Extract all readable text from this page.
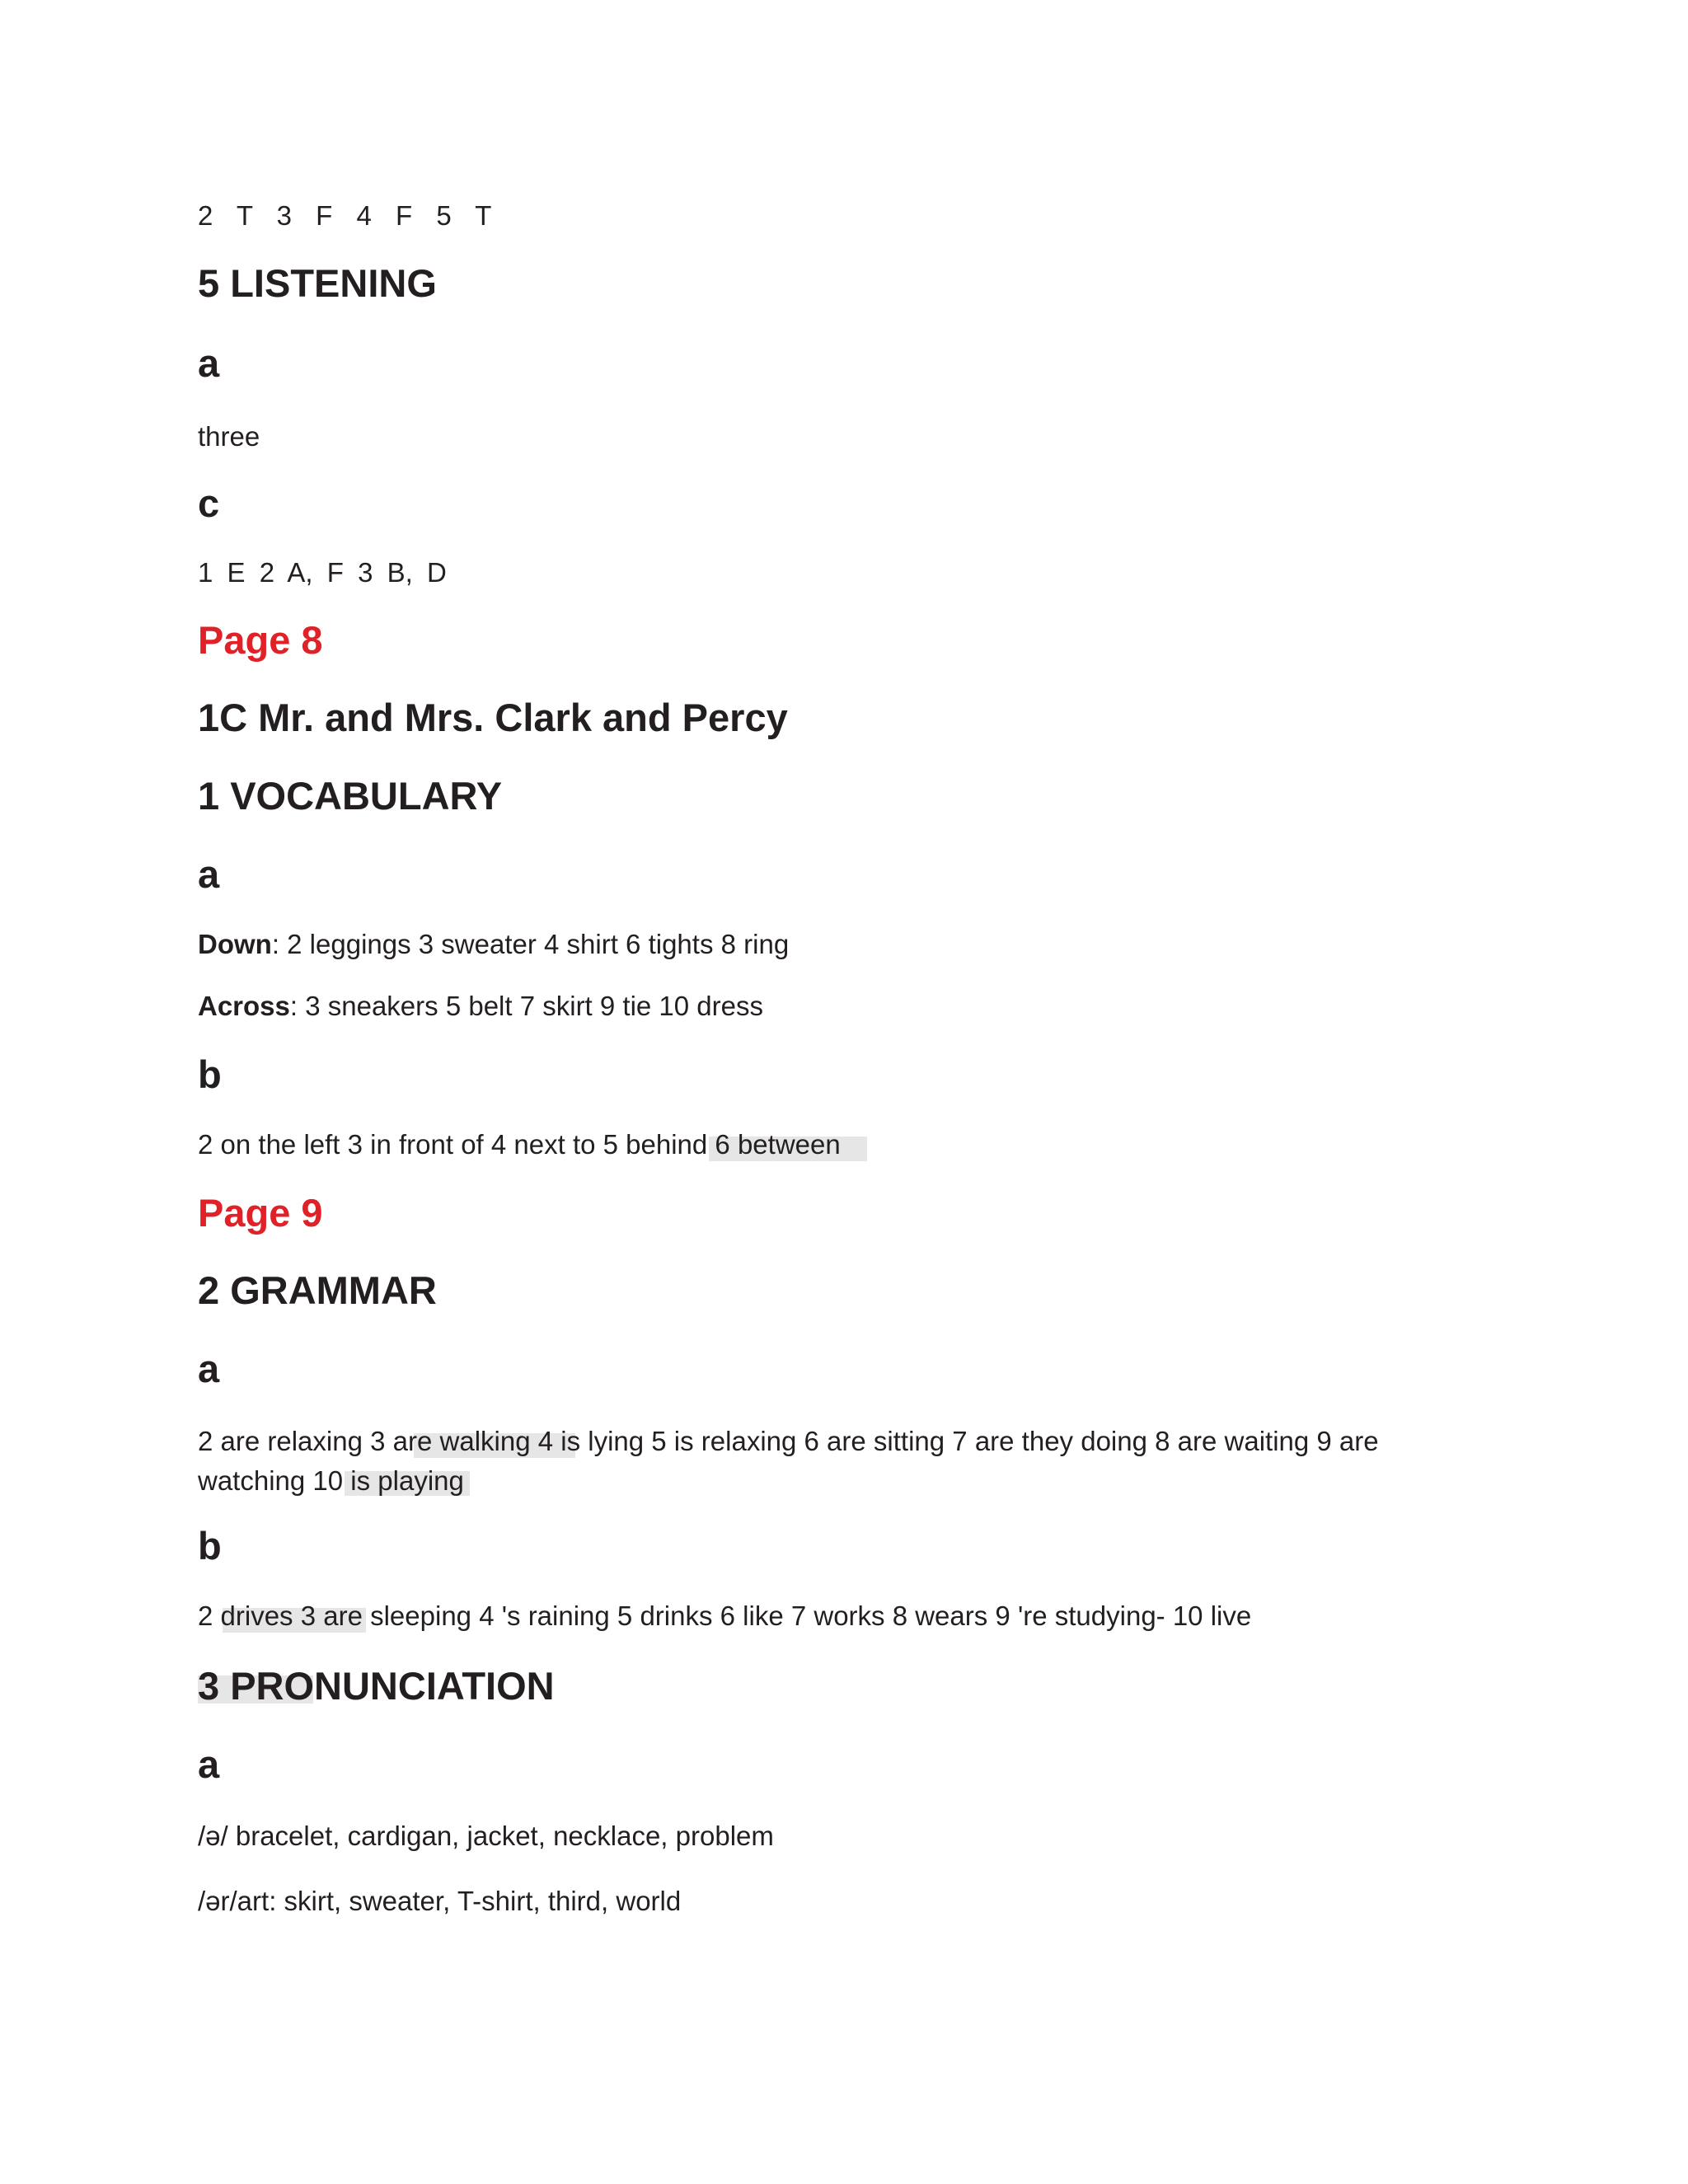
2 T 3 F 4 F 5 T
5 LISTENING
a
three
c
1 E 2 A, F 3 B, D
Page 8
1C Mr. and Mrs. Clark and Percy
1 VOCABULARY
a
Down: 2 leggings 3 sweater 4 shirt 6 tights 8 ring
Across: 3 sneakers 5 belt 7 skirt 9 tie 10 dress
b
2 on the left 3 in front of 4 next to 5 behind 6 between
Page 9
2 GRAMMAR
a
2 are relaxing 3 are walking 4 is lying 5 is relaxing 6 are sitting 7 are they doing 8 are waiting 9 are
watching 10 is playing
b
2 drives 3 are sleeping 4 's raining 5 drinks 6 like 7 works 8 wears 9 're studying- 10 live
3 PRONUNCIATION
a
/ə/ bracelet, cardigan, jacket, necklace, problem
/ər/art: skirt, sweater, T-shirt, third, world
